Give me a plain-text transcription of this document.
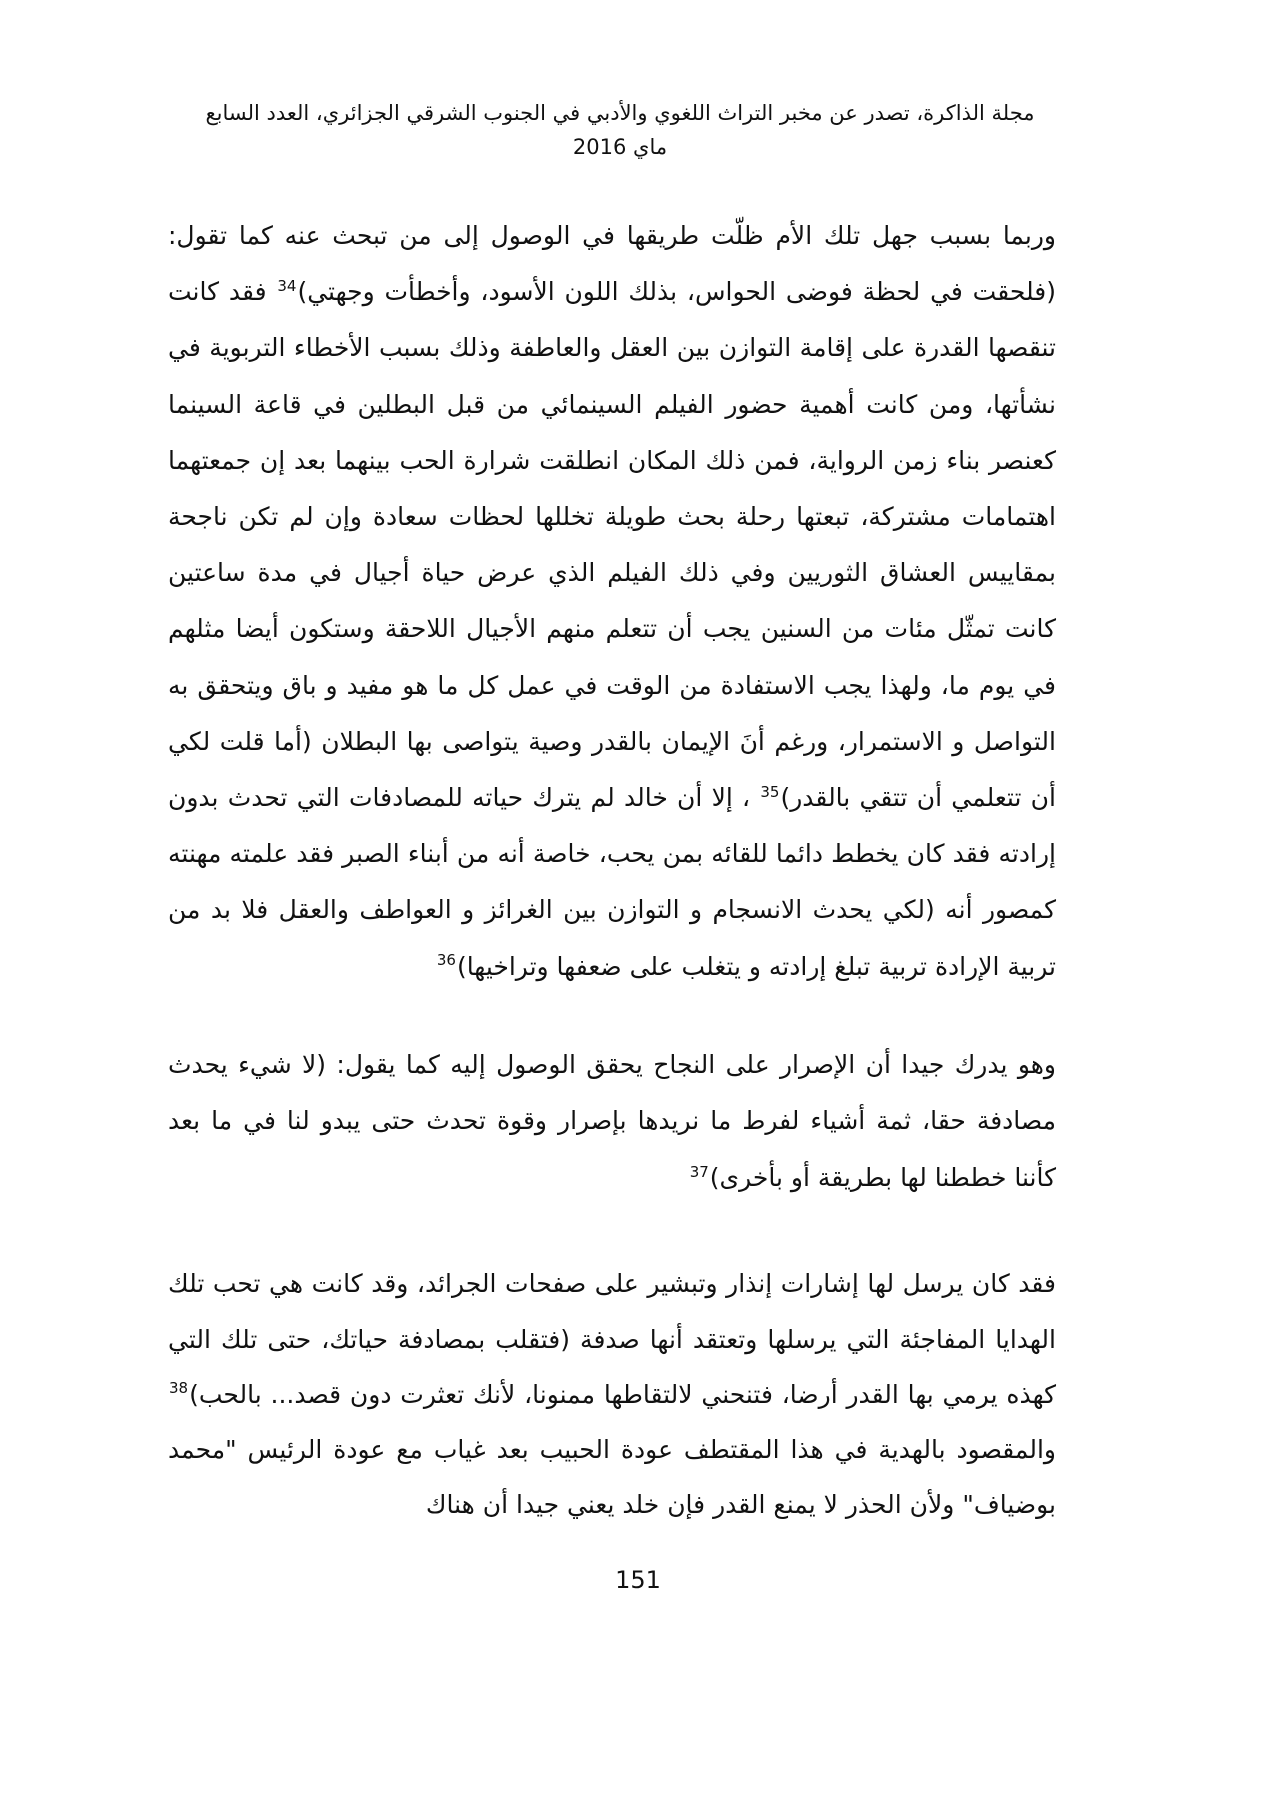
مجلة الذاكرة، تصدر عن مخبر التراث اللغوي والأدبي في الجنوب الشرقي الجزائري، العدد السابع
ماي 2016

وربما بسبب جهل تلك الأم ظلّت طريقها في الوصول إلى من تبحث عنه كما تقول: (فلحقت في لحظة فوضى الحواس، بذلك اللون الأسود، وأخطأت وجهتي)$^{34}$ فقد كانت تنقصها القدرة على إقامة التوازن بين العقل والعاطفة وذلك بسبب الأخطاء التربوية في نشأتها، ومن كانت أهمية حضور الفيلم السينمائي من قبل البطلين في قاعة السينما كعنصر بناء زمن الرواية، فمن ذلك المكان انطلقت شرارة الحب بينهما بعد إن جمعتهما اهتمامات مشتركة، تبعتها رحلة بحث طويلة تخللها لحظات سعادة وإن لم تكن ناجحة بمقاييس العشاق الثوريين وفي ذلك الفيلم الذي عرض حياة أجيال في مدة ساعتين كانت تمثّل مئات من السنين يجب أن تتعلم منهم الأجيال اللاحقة وستكون أيضا مثلهم في يوم ما، ولهذا يجب الاستفادة من الوقت في عمل كل ما هو مفيد و باق ويتحقق به التواصل و الاستمرار، ورغم أنَ الإيمان بالقدر وصية يتواصى بها البطلان (أما قلت لكي أن تتعلمي أن تتقي بالقدر)$^{35}$ ، إلا أن خالد لم يترك حياته للمصادفات التي تحدث بدون إرادته فقد كان يخطط دائما للقائه بمن يحب، خاصة أنه من أبناء الصبر فقد علمته مهنته كمصور أنه (لكي يحدث الانسجام و التوازن بين الغرائز و العواطف والعقل فلا بد من تربية الإرادة تربية تبلغ إرادته و يتغلب على ضعفها وتراخيها)$^{36}$

وهو يدرك جيدا أن الإصرار على النجاح يحقق الوصول إليه كما يقول: (لا شيء يحدث مصادفة حقا، ثمة أشياء لفرط ما نريدها بإصرار وقوة تحدث حتى يبدو لنا في ما بعد كأننا خططنا لها بطريقة أو بأخرى)$^{37}$

فقد كان يرسل لها إشارات إنذار وتبشير على صفحات الجرائد، وقد كانت هي تحب تلك الهدايا المفاجئة التي يرسلها وتعتقد أنها صدفة (فتقلب بمصادفة حياتك، حتى تلك التي كهذه يرمي بها القدر أرضا، فتنحني لالتقاطها ممنونا، لأنك تعثرت دون قصد... بالحب)$^{38}$ والمقصود بالهدية في هذا المقتطف عودة الحبيب بعد غياب مع عودة الرئيس "محمد بوضياف" ولأن الحذر لا يمنع القدر فإن خلد يعني جيدا أن هناك

151
